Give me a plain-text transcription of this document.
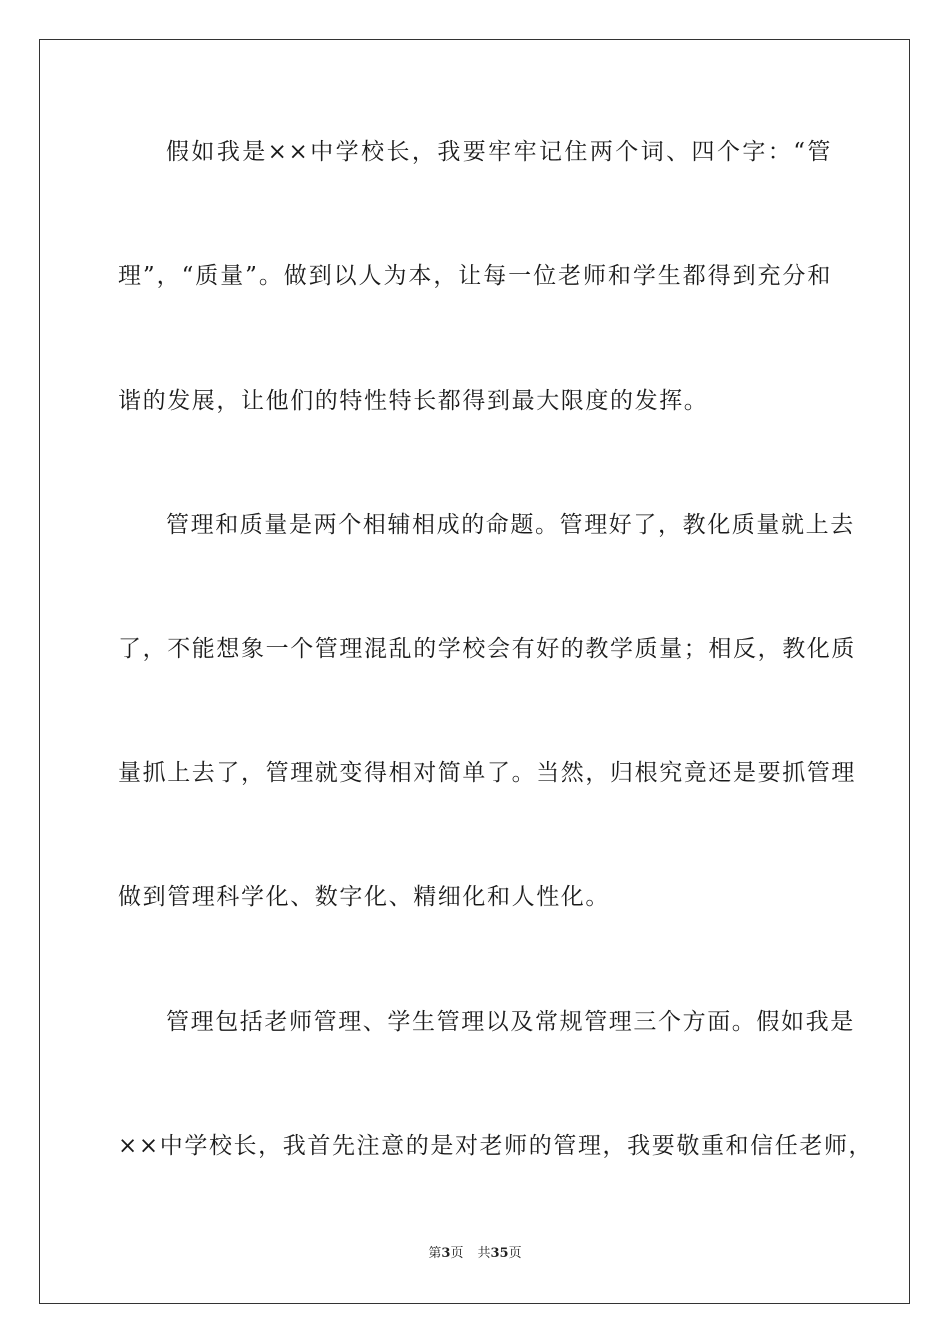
假如我是××中学校长，我要牢牢记住两个词、四个字：“管
理”，“质量”。做到以人为本，让每一位老师和学生都得到充分和
谐的发展，让他们的特性特长都得到最大限度的发挥。
管理和质量是两个相辅相成的命题。管理好了，教化质量就上去
了，不能想象一个管理混乱的学校会有好的教学质量；相反，教化质
量抓上去了，管理就变得相对简单了。当然，归根究竟还是要抓管理
做到管理科学化、数字化、精细化和人性化。
管理包括老师管理、学生管理以及常规管理三个方面。假如我是
××中学校长，我首先注意的是对老师的管理，我要敬重和信任老师，
第3页 共35页
